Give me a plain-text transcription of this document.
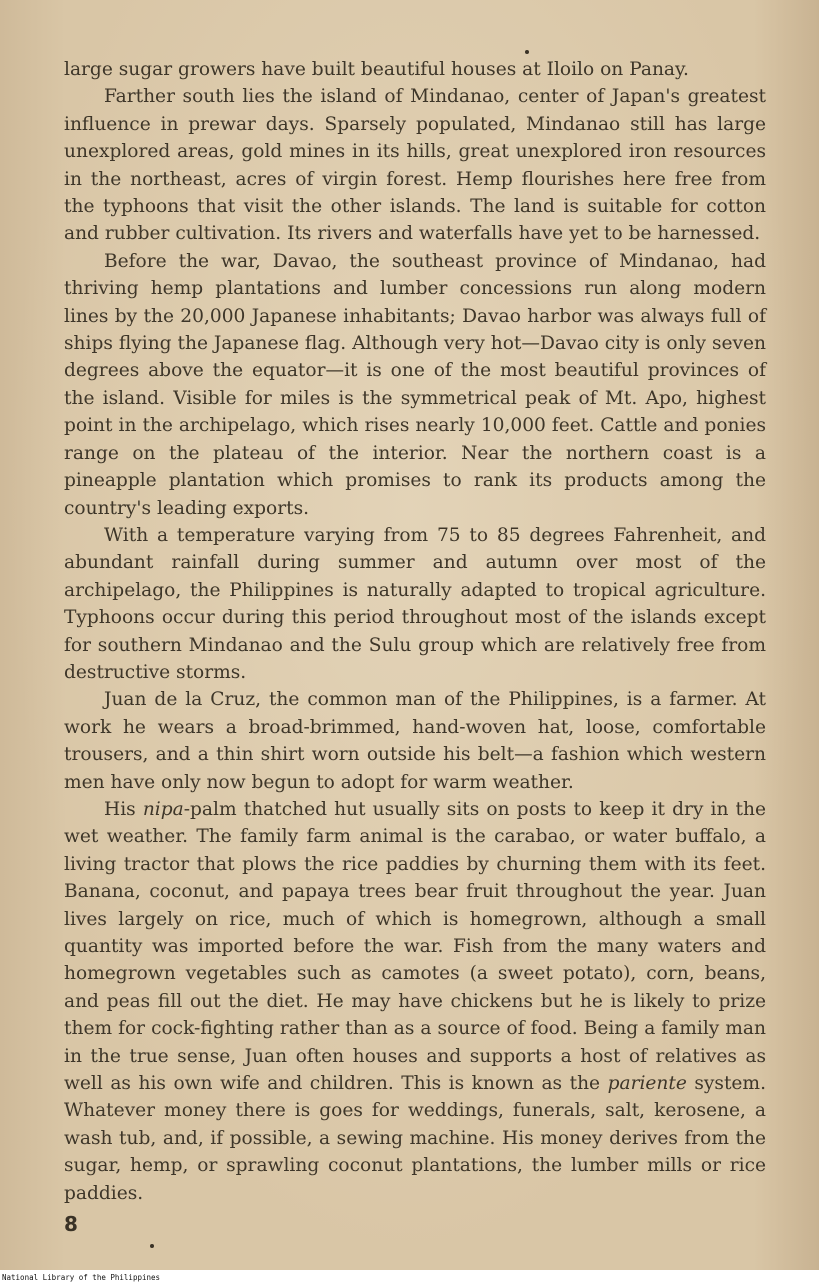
large sugar growers have built beautiful houses at Iloilo on Panay.

Farther south lies the island of Mindanao, center of Japan's greatest influence in prewar days. Sparsely populated, Mindanao still has large unexplored areas, gold mines in its hills, great unexplored iron resources in the northeast, acres of virgin forest. Hemp flourishes here free from the typhoons that visit the other islands. The land is suitable for cotton and rubber cultivation. Its rivers and waterfalls have yet to be harnessed.

Before the war, Davao, the southeast province of Mindanao, had thriving hemp plantations and lumber concessions run along modern lines by the 20,000 Japanese inhabitants; Davao harbor was always full of ships flying the Japanese flag. Although very hot—Davao city is only seven degrees above the equator—it is one of the most beautiful provinces of the island. Visible for miles is the symmetrical peak of Mt. Apo, highest point in the archipelago, which rises nearly 10,000 feet. Cattle and ponies range on the plateau of the interior. Near the northern coast is a pineapple plantation which promises to rank its products among the country's leading exports.

With a temperature varying from 75 to 85 degrees Fahrenheit, and abundant rainfall during summer and autumn over most of the archipelago, the Philippines is naturally adapted to tropical agriculture. Typhoons occur during this period throughout most of the islands except for southern Mindanao and the Sulu group which are relatively free from destructive storms.

Juan de la Cruz, the common man of the Philippines, is a farmer. At work he wears a broad-brimmed, hand-woven hat, loose, comfortable trousers, and a thin shirt worn outside his belt—a fashion which western men have only now begun to adopt for warm weather.

His nipa-palm thatched hut usually sits on posts to keep it dry in the wet weather. The family farm animal is the carabao, or water buffalo, a living tractor that plows the rice paddies by churning them with its feet. Banana, coconut, and papaya trees bear fruit throughout the year. Juan lives largely on rice, much of which is homegrown, although a small quantity was imported before the war. Fish from the many waters and homegrown vegetables such as camotes (a sweet potato), corn, beans, and peas fill out the diet. He may have chickens but he is likely to prize them for cock-fighting rather than as a source of food. Being a family man in the true sense, Juan often houses and supports a host of relatives as well as his own wife and children. This is known as the pariente system. Whatever money there is goes for weddings, funerals, salt, kerosene, a wash tub, and, if possible, a sewing machine. His money derives from the sugar, hemp, or sprawling coconut plantations, the lumber mills or rice paddies.

8
National Library of the Philippines
